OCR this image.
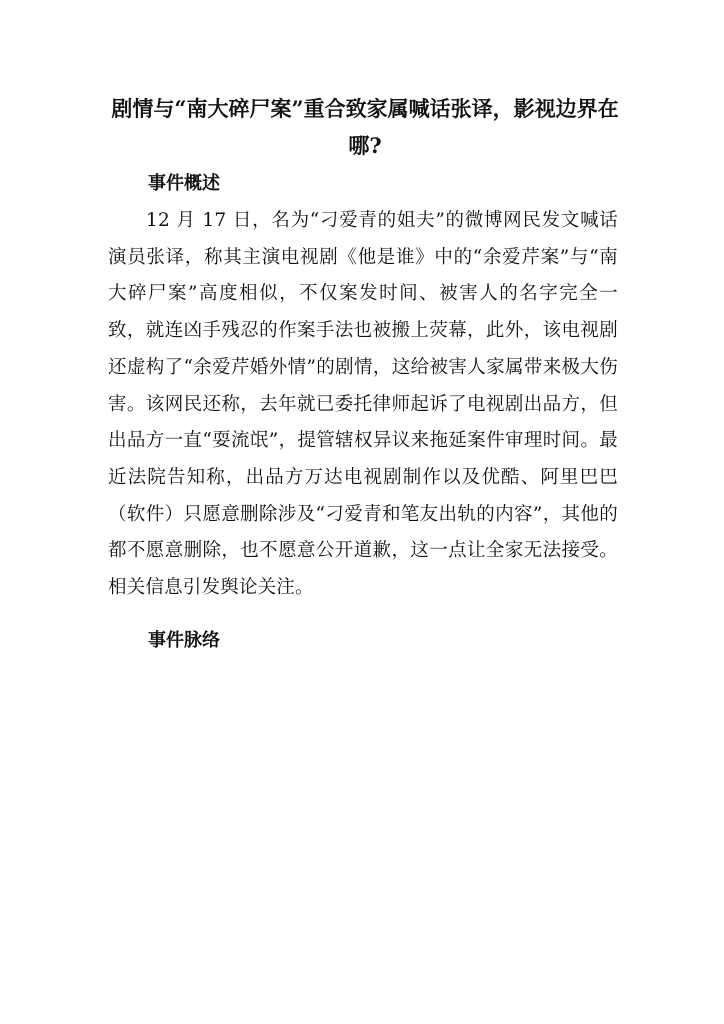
剧情与“南大碎尸案”重合致家属喊话张译，影视边界在哪?
事件概述

12 月 17 日，名为“刁爱青的姐夫”的微博网民发文喊话演员张译，称其主演电视剧《他是谁》中的“余爱芹案”与“南大碎尸案”高度相似，不仅案发时间、被害人的名字完全一致，就连凶手残忍的作案手法也被搬上荧幕，此外，该电视剧还虚构了“余爱芹婚外情”的剧情，这给被害人家属带来极大伤害。该网民还称，去年就已委托律师起诉了电视剧出品方，但出品方一直“耍流氓”，提管辖权异议来拖延案件审理时间。最近法院告知称，出品方万达电视剧制作以及优酷、阿里巴巴（软件）只愿意删除涉及“刁爱青和笔友出轨的内容”，其他的都不愿意删除，也不愿意公开道歉，这一点让全家无法接受。相关信息引发舆论关注。

事件脉络
